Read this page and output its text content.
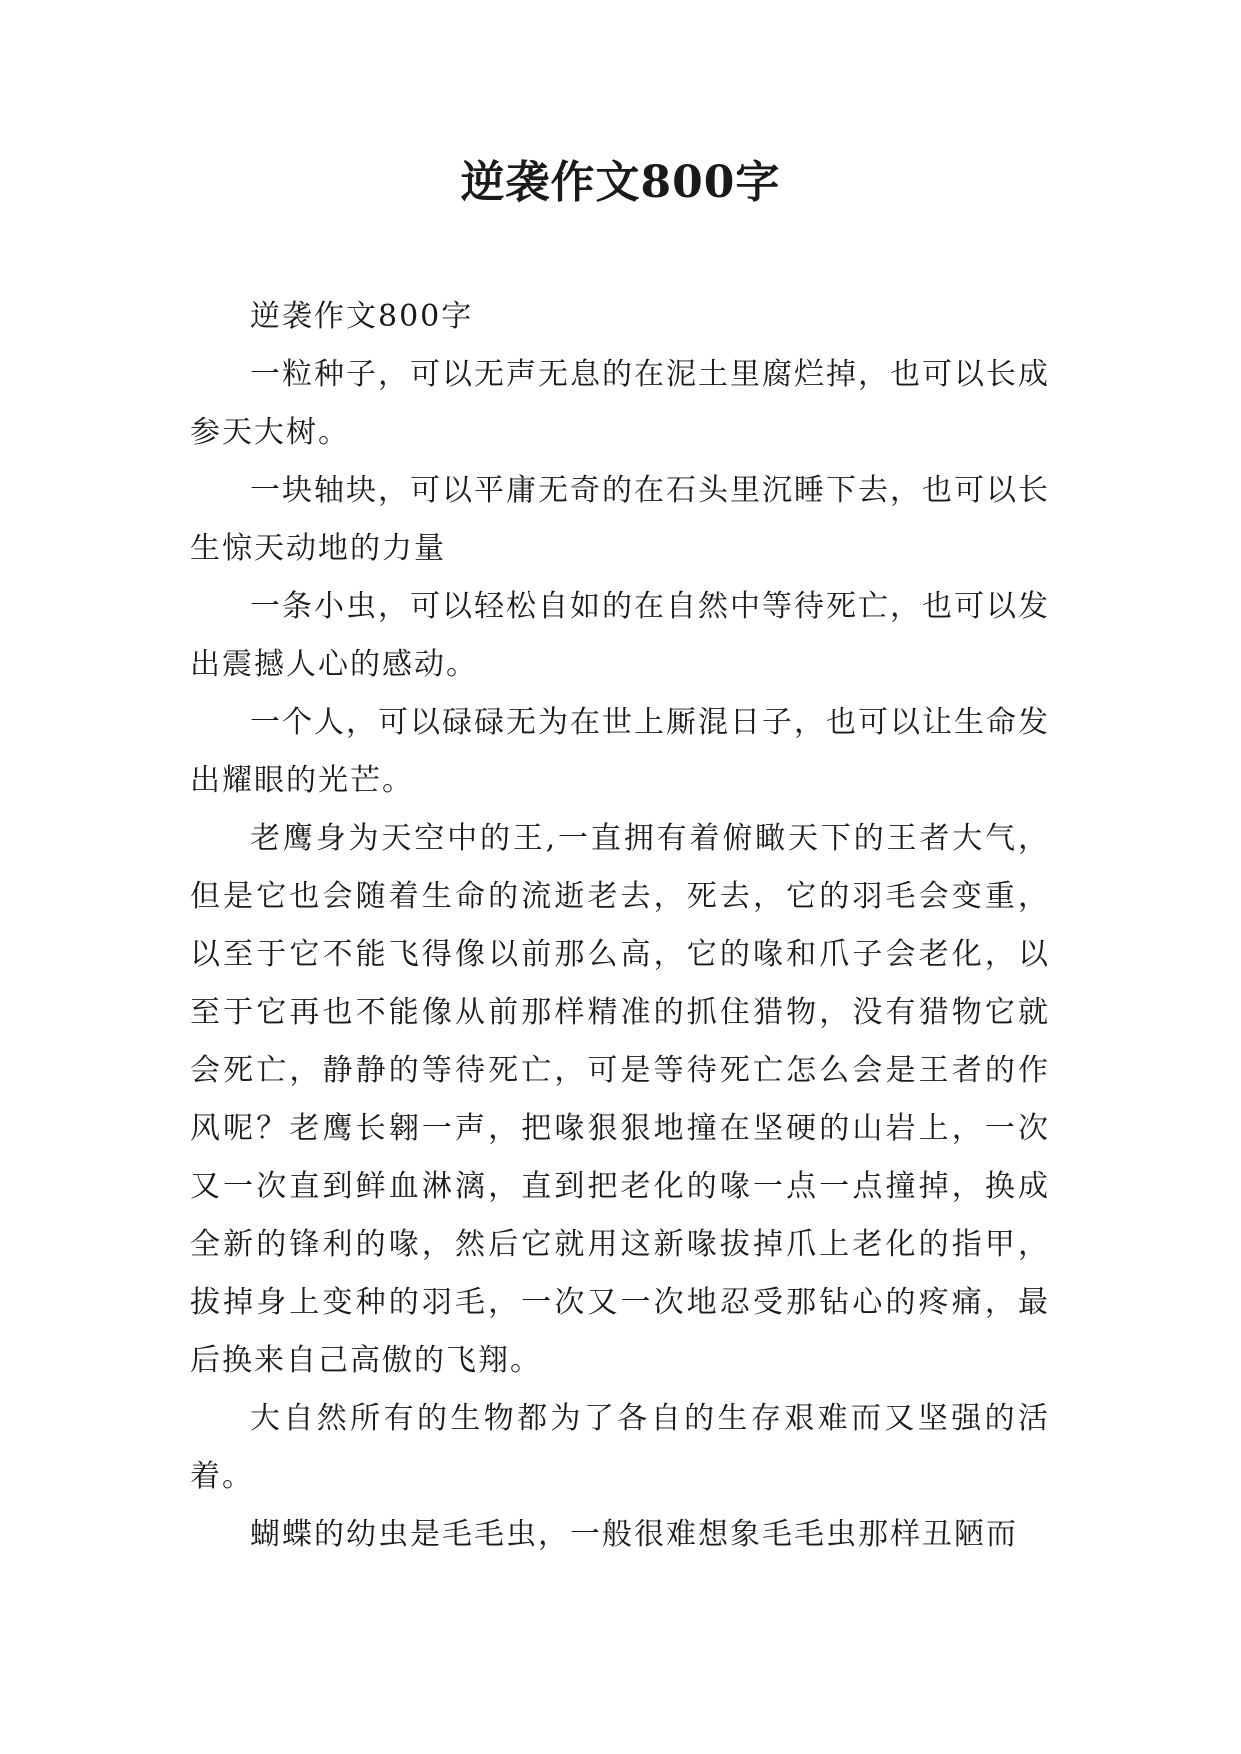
逆袭作文800字

逆袭作文800字

一粒种子，可以无声无息的在泥土里腐烂掉，也可以长成参天大树。

一块轴块，可以平庸无奇的在石头里沉睡下去，也可以长生惊天动地的力量

一条小虫，可以轻松自如的在自然中等待死亡，也可以发出震撼人心的感动。

一个人，可以碌碌无为在世上厮混日子，也可以让生命发出耀眼的光芒。

老鹰身为天空中的王,一直拥有着俯瞰天下的王者大气，但是它也会随着生命的流逝老去，死去，它的羽毛会变重，以至于它不能飞得像以前那么高，它的喙和爪子会老化，以至于它再也不能像从前那样精准的抓住猎物，没有猎物它就会死亡，静静的等待死亡，可是等待死亡怎么会是王者的作风呢？老鹰长翱一声，把喙狠狠地撞在坚硬的山岩上，一次又一次直到鲜血淋漓，直到把老化的喙一点一点撞掉，换成全新的锋利的喙，然后它就用这新喙拔掉爪上老化的指甲，拔掉身上变种的羽毛，一次又一次地忍受那钻心的疼痛，最后换来自己高傲的飞翔。

大自然所有的生物都为了各自的生存艰难而又坚强的活着。

蝴蝶的幼虫是毛毛虫，一般很难想象毛毛虫那样丑陋而
